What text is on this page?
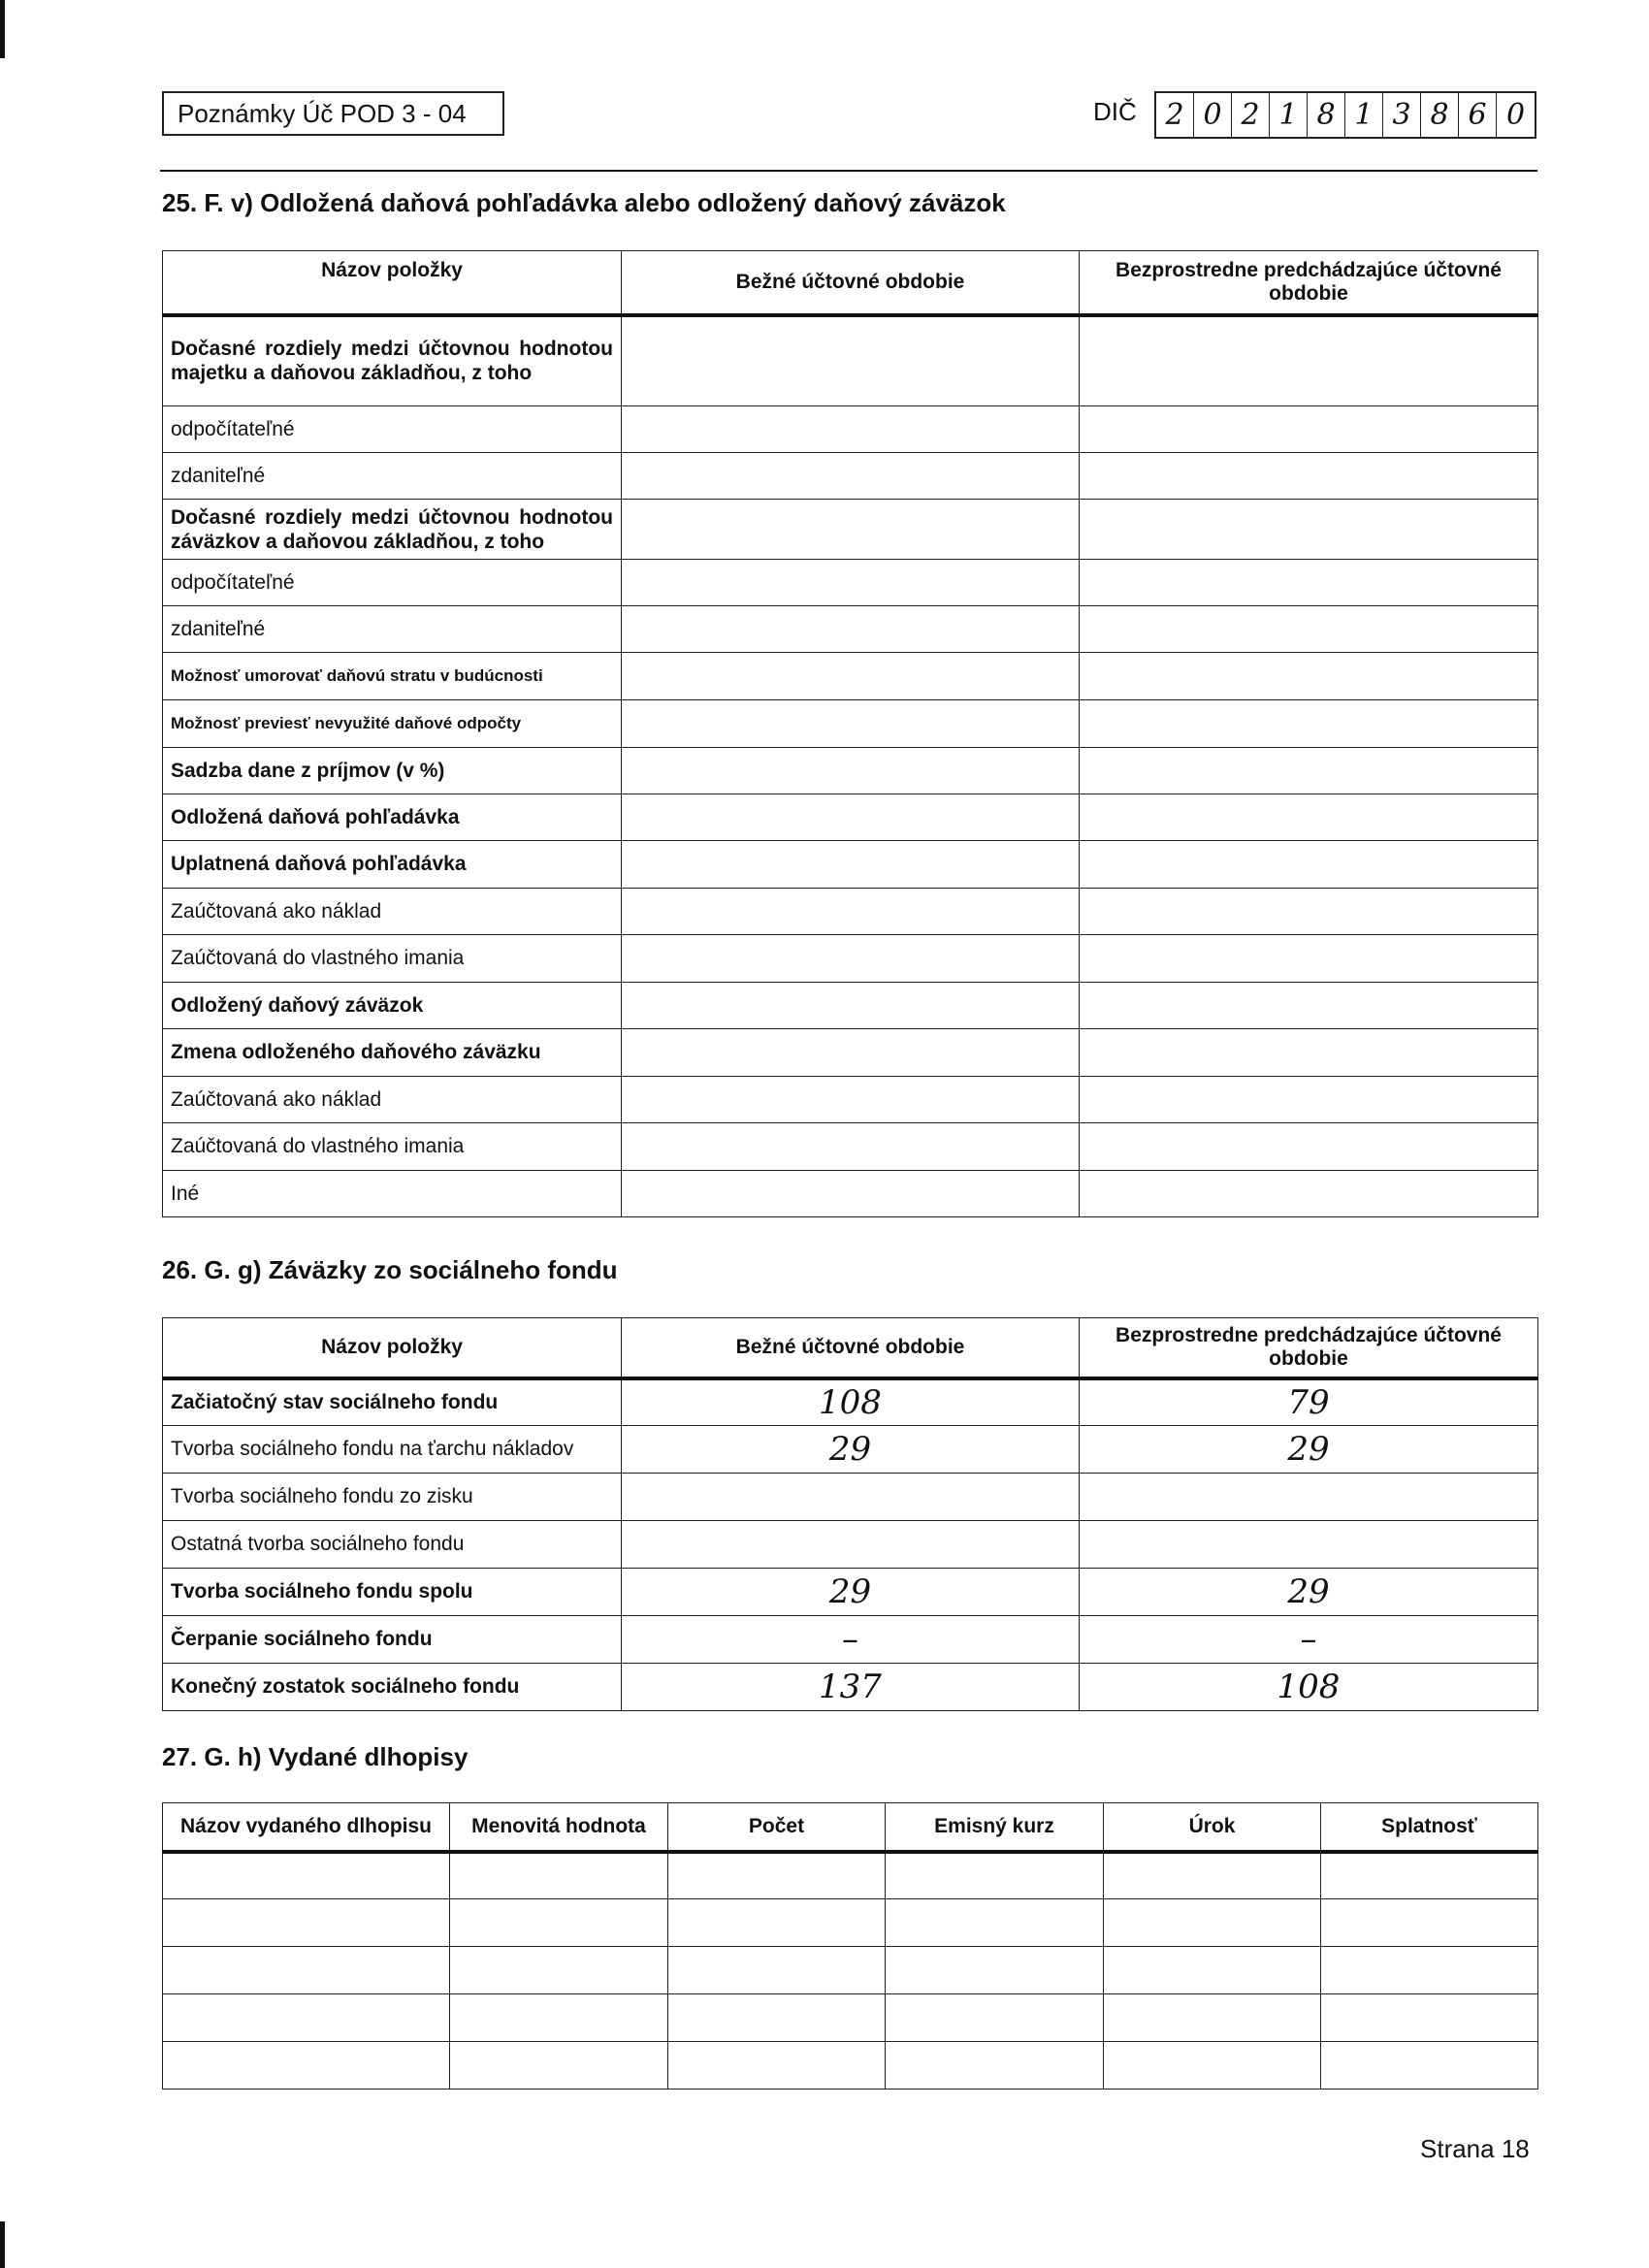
Poznámky Úč POD 3 - 04	DIČ 2 0 2 1 8 1 3 8 6 0
25. F. v) Odložená daňová pohľadávka alebo odložený daňový záväzok
Názov položky	Bežné účtovné obdobie	Bezprostredne predchádzajúce účtovné obdobie
Dočasné rozdiely medzi účtovnou hodnotou majetku a daňovou základňou, z toho		
odpočítateľné		
zdaniteľné		
Dočasné rozdiely medzi účtovnou hodnotou záväzkov a daňovou základňou, z toho		
odpočítateľné		
zdaniteľné		
Možnosť umorovať daňovú stratu v budúcnosti		
Možnosť previesť nevyužité daňové odpočty		
Sadzba dane z príjmov (v %)		
Odložená daňová pohľadávka		
Uplatnená daňová pohľadávka		
Zaúčtovaná ako náklad		
Zaúčtovaná do vlastného imania		
Odložený daňový záväzok		
Zmena odloženého daňového záväzku		
Zaúčtovaná ako náklad		
Zaúčtovaná do vlastného imania		
Iné		
26. G. g) Záväzky zo sociálneho fondu
Názov položky	Bežné účtovné obdobie	Bezprostredne predchádzajúce účtovné obdobie
Začiatočný stav sociálneho fondu	108	79
Tvorba sociálneho fondu na ťarchu nákladov	29	29
Tvorba sociálneho fondu zo zisku		
Ostatná tvorba sociálneho fondu		
Tvorba sociálneho fondu spolu	29	29
Čerpanie sociálneho fondu	–	–
Konečný zostatok sociálneho fondu	137	108
27. G. h) Vydané dlhopisy
Názov vydaného dlhopisu	Menovitá hodnota	Počet	Emisný kurz	Úrok	Splatnosť

Strana 18
